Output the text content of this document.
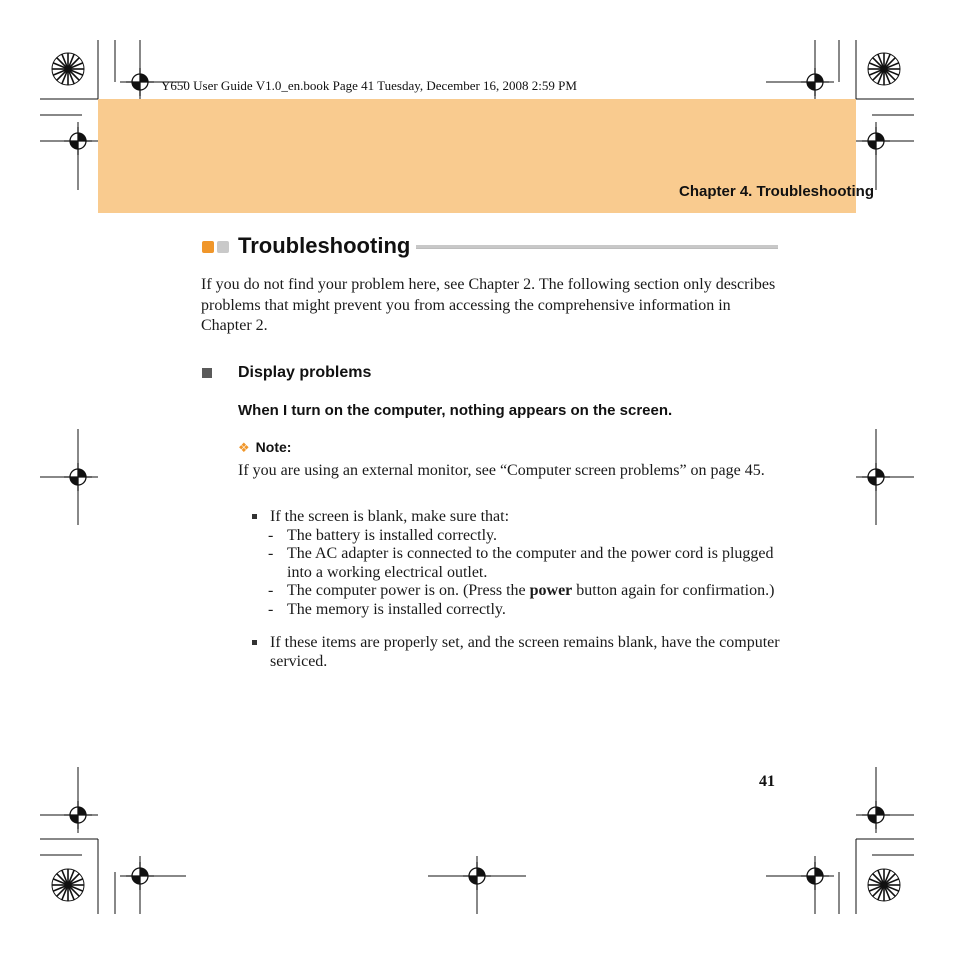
Y650 User Guide V1.0_en.book Page 41 Tuesday, December 16, 2008 2:59 PM
Chapter 4. Troubleshooting
Troubleshooting
If you do not find your problem here, see Chapter 2. The following section only describes problems that might prevent you from accessing the comprehensive information in Chapter 2.
Display problems
When I turn on the computer, nothing appears on the screen.
❖ Note:
If you are using an external monitor, see “Computer screen problems” on page 45.
If the screen is blank, make sure that:
- The battery is installed correctly.
- The AC adapter is connected to the computer and the power cord is plugged into a working electrical outlet.
- The computer power is on. (Press the power button again for confirmation.)
- The memory is installed correctly.
If these items are properly set, and the screen remains blank, have the computer serviced.
41
